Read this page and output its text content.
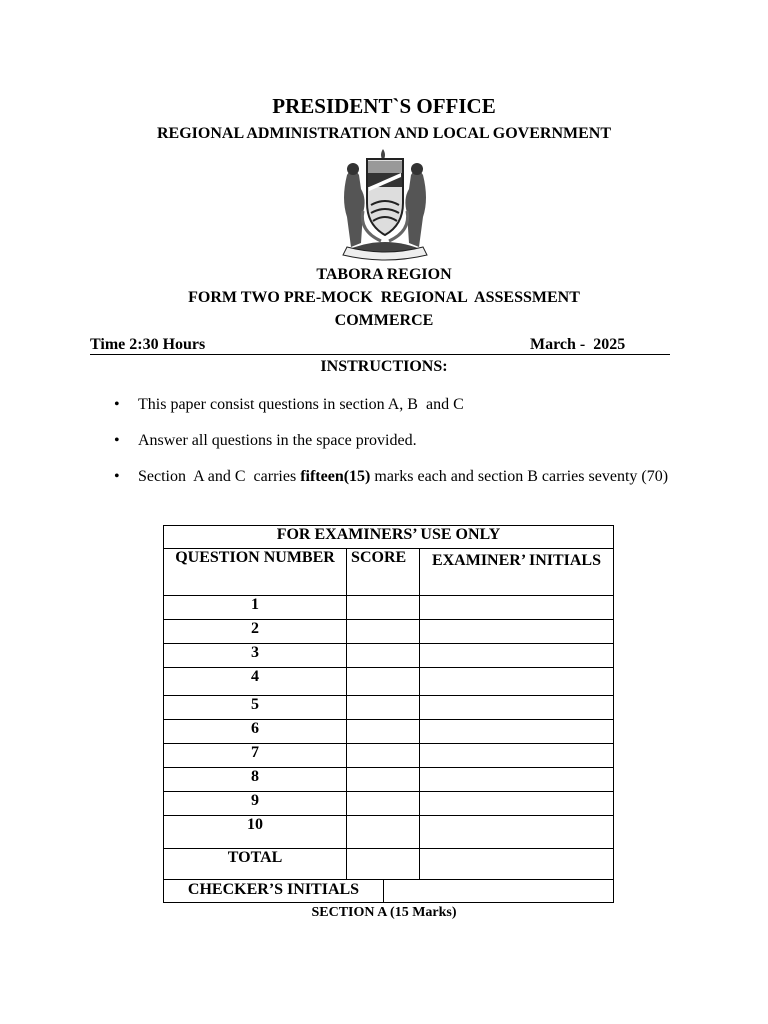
PRESIDENT`S OFFICE
REGIONAL ADMINISTRATION AND LOCAL GOVERNMENT
TABORA REGION
FORM TWO PRE-MOCK  REGIONAL  ASSESSMENT
COMMERCE
Time 2:30 Hours	March -  2025
INSTRUCTIONS:
• This paper consist questions in section A, B  and C
• Answer all questions in the space provided.
• Section  A and C  carries fifteen(15) marks each and section B carries seventy (70)
FOR EXAMINERS’ USE ONLY		
QUESTION NUMBER	SCORE	EXAMINER’ INITIALS
1		
2		
3		
4		
5		
6		
7		
8		
9		
10		
TOTAL		
CHECKER’S INITIALS
SECTION A (15 Marks)
